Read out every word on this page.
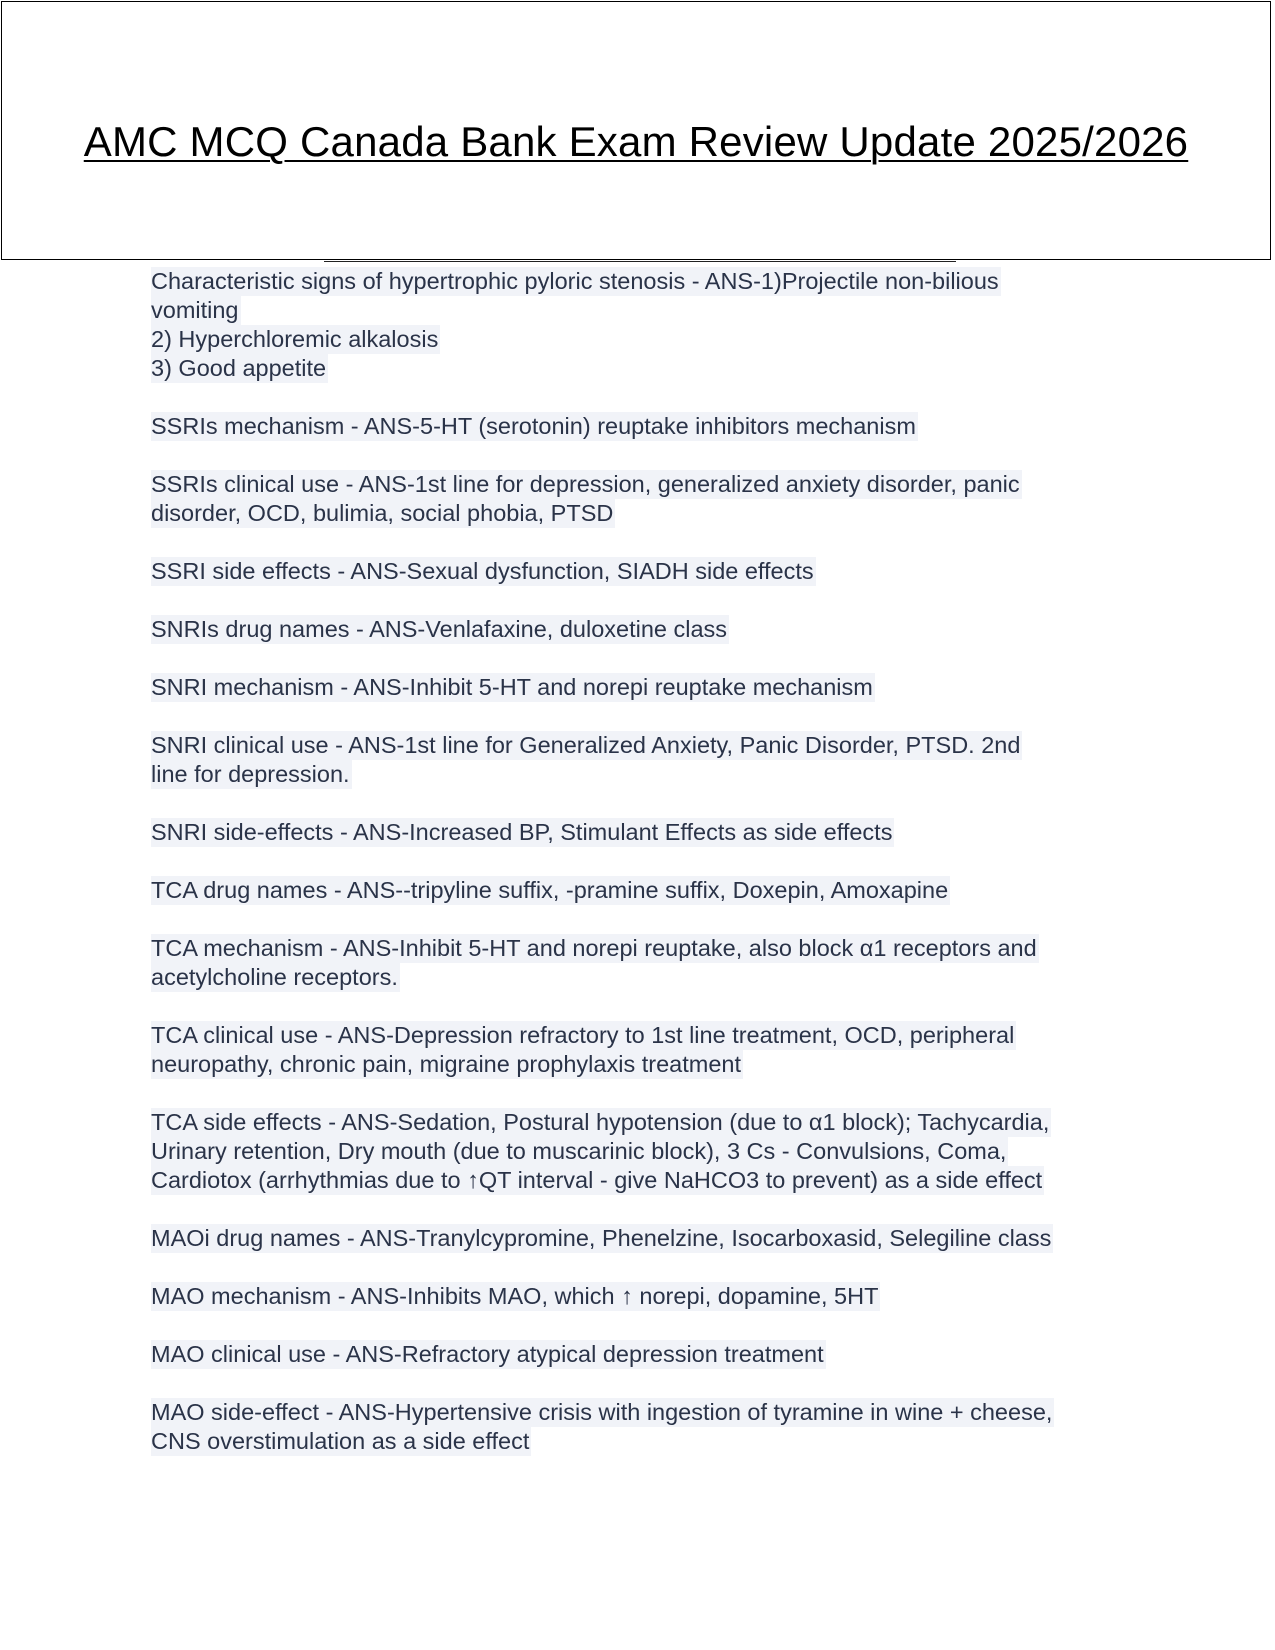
AMC MCQ Canada Bank Exam Review Update 2025/2026
Characteristic signs of hypertrophic pyloric stenosis - ANS-1)Projectile non-bilious
vomiting
2) Hyperchloremic alkalosis
3) Good appetite
SSRIs mechanism - ANS-5-HT (serotonin) reuptake inhibitors mechanism
SSRIs clinical use - ANS-1st line for depression, generalized anxiety disorder, panic
disorder, OCD, bulimia, social phobia, PTSD
SSRI side effects - ANS-Sexual dysfunction, SIADH side effects
SNRIs drug names - ANS-Venlafaxine, duloxetine class
SNRI mechanism - ANS-Inhibit 5-HT and norepi reuptake mechanism
SNRI clinical use - ANS-1st line for Generalized Anxiety, Panic Disorder, PTSD. 2nd
line for depression.
SNRI side-effects - ANS-Increased BP, Stimulant Effects as side effects
TCA drug names - ANS--tripyline suffix, -pramine suffix, Doxepin, Amoxapine
TCA mechanism - ANS-Inhibit 5-HT and norepi reuptake, also block α1 receptors and
acetylcholine receptors.
TCA clinical use - ANS-Depression refractory to 1st line treatment, OCD, peripheral
neuropathy, chronic pain, migraine prophylaxis treatment
TCA side effects - ANS-Sedation, Postural hypotension (due to α1 block); Tachycardia,
Urinary retention, Dry mouth (due to muscarinic block), 3 Cs - Convulsions, Coma,
Cardiotox (arrhythmias due to ↑QT interval - give NaHCO3 to prevent) as a side effect
MAOi drug names - ANS-Tranylcypromine, Phenelzine, Isocarboxasid, Selegiline class
MAO mechanism - ANS-Inhibits MAO, which ↑ norepi, dopamine, 5HT
MAO clinical use - ANS-Refractory atypical depression treatment
MAO side-effect - ANS-Hypertensive crisis with ingestion of tyramine in wine + cheese,
CNS overstimulation as a side effect
